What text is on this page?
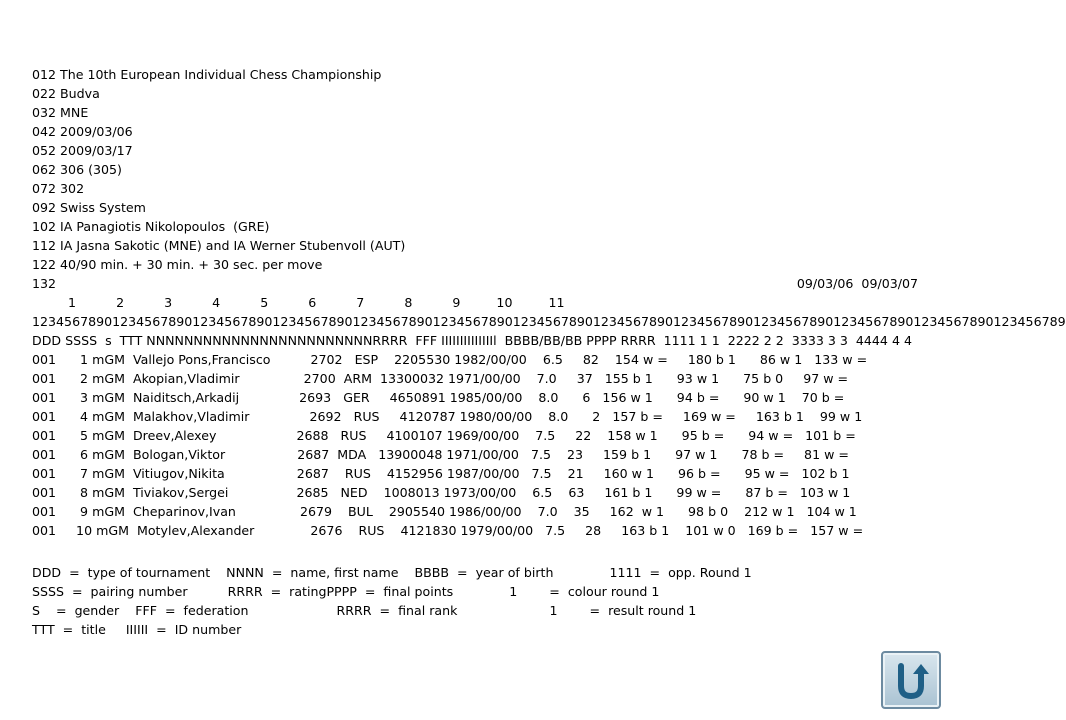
012 The 10th European Individual Chess Championship
022 Budva
032 MNE
042 2009/03/06
052 2009/03/17
062 306 (305)
072 302
092 Swiss System
102 IA Panagiotis Nikolopoulos  (GRE)
112 IA Jasna Sakotic (MNE) and IA Werner Stubenvoll (AUT)
122 40/90 min. + 30 min. + 30 sec. per move
132	09/03/06  09/03/07
1          2          3          4          5          6          7          8          9         10         11
123456789012345678901234567890123456789012345678901234567890123456789012345678901234567890123456789012345678901234567890123456789
DDD SSSS  s  TTT NNNNNNNNNNNNNNNNNNNNNNNNRRRR  FFF IIIIIIIIIIIIIIl  BBBB/BB/BB PPPP RRRR  1111 1 1  2222 2 2  3333 3 3  4444 4 4
001      1 mGM  Vallejo Pons,Francisco          2702   ESP    2205530 1982/00/00    6.5     82    154 w =     180 b 1      86 w 1   133 w =
001      2 mGM  Akopian,Vladimir                2700  ARM  13300032 1971/00/00    7.0     37   155 b 1      93 w 1      75 b 0     97 w =
001      3 mGM  Naiditsch,Arkadij               2693   GER     4650891 1985/00/00    8.0      6   156 w 1      94 b =      90 w 1    70 b =
001      4 mGM  Malakhov,Vladimir               2692   RUS     4120787 1980/00/00    8.0      2   157 b =     169 w =     163 b 1    99 w 1
001      5 mGM  Dreev,Alexey                    2688   RUS     4100107 1969/00/00    7.5     22    158 w 1      95 b =      94 w =   101 b =
001      6 mGM  Bologan,Viktor                  2687  MDA   13900048 1971/00/00   7.5    23     159 b 1      97 w 1      78 b =     81 w =
001      7 mGM  Vitiugov,Nikita                  2687    RUS    4152956 1987/00/00   7.5    21     160 w 1      96 b =      95 w =   102 b 1
001      8 mGM  Tiviakov,Sergei                 2685   NED    1008013 1973/00/00    6.5    63     161 b 1      99 w =      87 b =   103 w 1
001      9 mGM  Cheparinov,Ivan                2679    BUL    2905540 1986/00/00    7.0    35     162  w 1      98 b 0    212 w 1   104 w 1
001     10 mGM  Motylev,Alexander              2676    RUS    4121830 1979/00/00   7.5     28     163 b 1    101 w 0   169 b =   157 w =
DDD  =  type of tournament    NNNN  =  name, first name    BBBB  =  year of birth              1111  =  opp. Round 1
SSSS  =  pairing number          RRRR  =  ratingPPPP  =  final points              1        =  colour round 1
S    =  gender    FFF  =  federation                      RRRR  =  final rank                       1        =  result round 1
TTT  =  title     IIIIII  =  ID number
